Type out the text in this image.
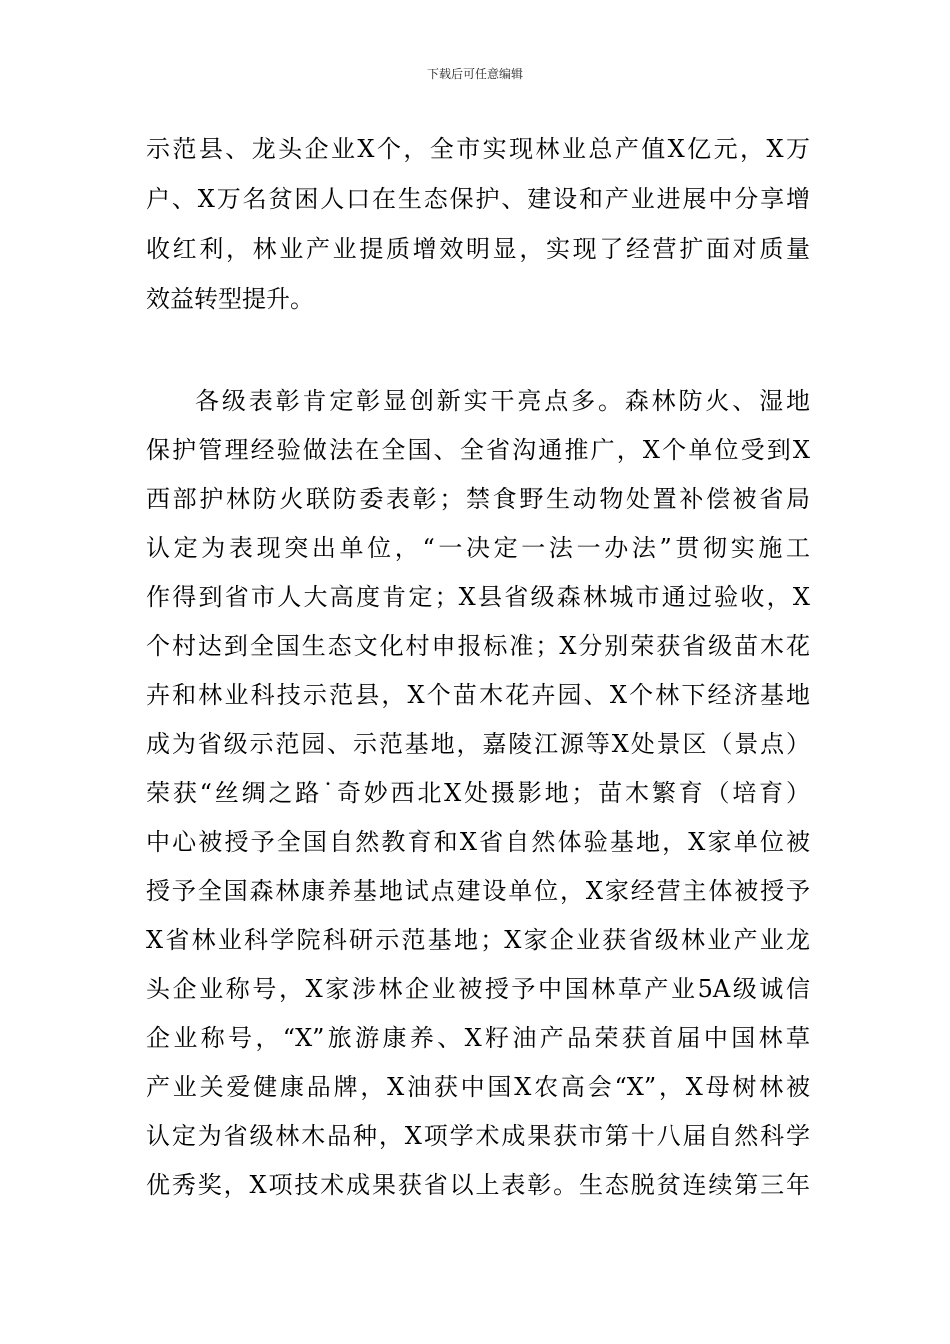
下载后可任意编辑
示范县、龙头企业X个，全市实现林业总产值X亿元，X万
户、X万名贫困人口在生态保护、建设和产业进展中分享增
收红利，林业产业提质增效明显，实现了经营扩面对质量
效益转型提升。
各级表彰肯定彰显创新实干亮点多。森林防火、湿地
保护管理经验做法在全国、全省沟通推广，X个单位受到X
西部护林防火联防委表彰；禁食野生动物处置补偿被省局
认定为表现突出单位，“一决定一法一办法”贯彻实施工
作得到省市人大高度肯定；X县省级森林城市通过验收，X
个村达到全国生态文化村申报标准；X分别荣获省级苗木花
卉和林业科技示范县，X个苗木花卉园、X个林下经济基地
成为省级示范园、示范基地，嘉陵江源等X处景区（景点）
荣获“丝绸之路˙奇妙西北X处摄影地；苗木繁育（培育）
中心被授予全国自然教育和X省自然体验基地，X家单位被
授予全国森林康养基地试点建设单位，X家经营主体被授予
X省林业科学院科研示范基地；X家企业获省级林业产业龙
头企业称号，X家涉林企业被授予中国林草产业5A级诚信
企业称号，“X”旅游康养、X籽油产品荣获首届中国林草
产业关爱健康品牌，X油获中国X农高会“X”，X母树林被
认定为省级林木品种，X项学术成果获市第十八届自然科学
优秀奖，X项技术成果获省以上表彰。生态脱贫连续第三年
